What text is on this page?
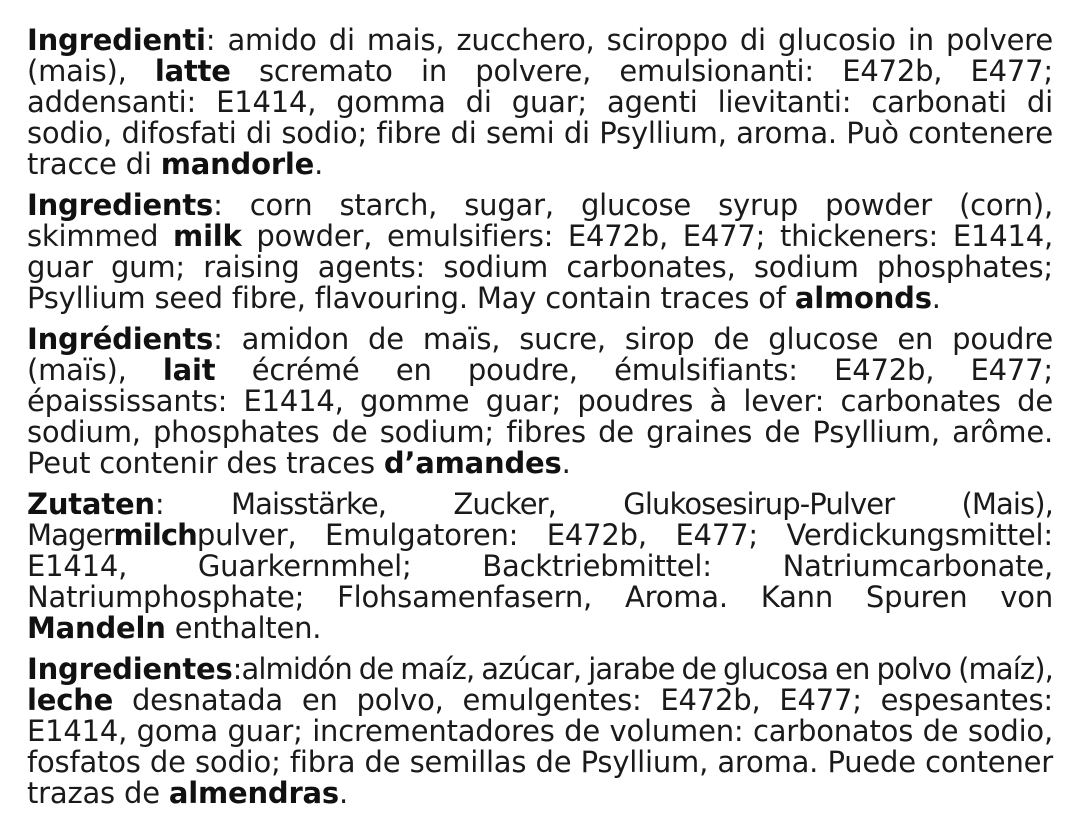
Ingredienti: amido di mais, zucchero, sciroppo di glucosio in polvere (mais), latte scremato in polvere, emulsionanti: E472b, E477; addensanti: E1414, gomma di guar; agenti lievitanti: carbonati di sodio, difosfati di sodio; fibre di semi di Psyllium, aroma. Può contenere tracce di mandorle.

Ingredients: corn starch, sugar, glucose syrup powder (corn), skimmed milk powder, emulsifiers: E472b, E477; thickeners: E1414, guar gum; raising agents: sodium carbonates, sodium phosphates; Psyllium seed fibre, flavouring. May contain traces of almonds.

Ingrédients: amidon de maïs, sucre, sirop de glucose en poudre (maïs), lait écrémé en poudre, émulsifiants: E472b, E477; épaississants: E1414, gomme guar; poudres à lever: carbonates de sodium, phosphates de sodium; fibres de graines de Psyllium, arôme. Peut contenir des traces d’amandes.

Zutaten: Maisstärke, Zucker, Glukosesirup-Pulver (Mais), Magermilchpulver, Emulgatoren: E472b, E477; Verdickungsmittel: E1414, Guarkernmhel; Backtriebmittel: Natriumcarbonate, Natriumphosphate; Flohsamenfasern, Aroma. Kann Spuren von Mandeln enthalten.

Ingredientes:almidón de maíz, azúcar, jarabe de glucosa en polvo (maíz), leche desnatada en polvo, emulgentes: E472b, E477; espesantes: E1414, goma guar; incrementadores de volumen: carbonatos de sodio, fosfatos de sodio; fibra de semillas de Psyllium, aroma. Puede contener trazas de almendras.
